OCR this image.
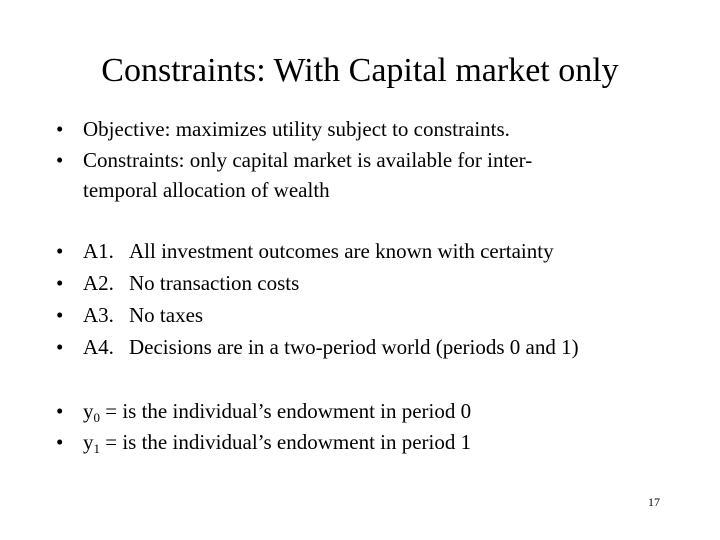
Constraints: With Capital market only
• Objective: maximizes utility subject to constraints.
• Constraints: only capital market is available for inter-
temporal allocation of wealth
• A1. All investment outcomes are known with certainty
• A2. No transaction costs
• A3. No taxes
• A4. Decisions are in a two-period world (periods 0 and 1)
• $y_0$ = is the individual’s endowment in period 0
• $y_1$ = is the individual’s endowment in period 1
17
